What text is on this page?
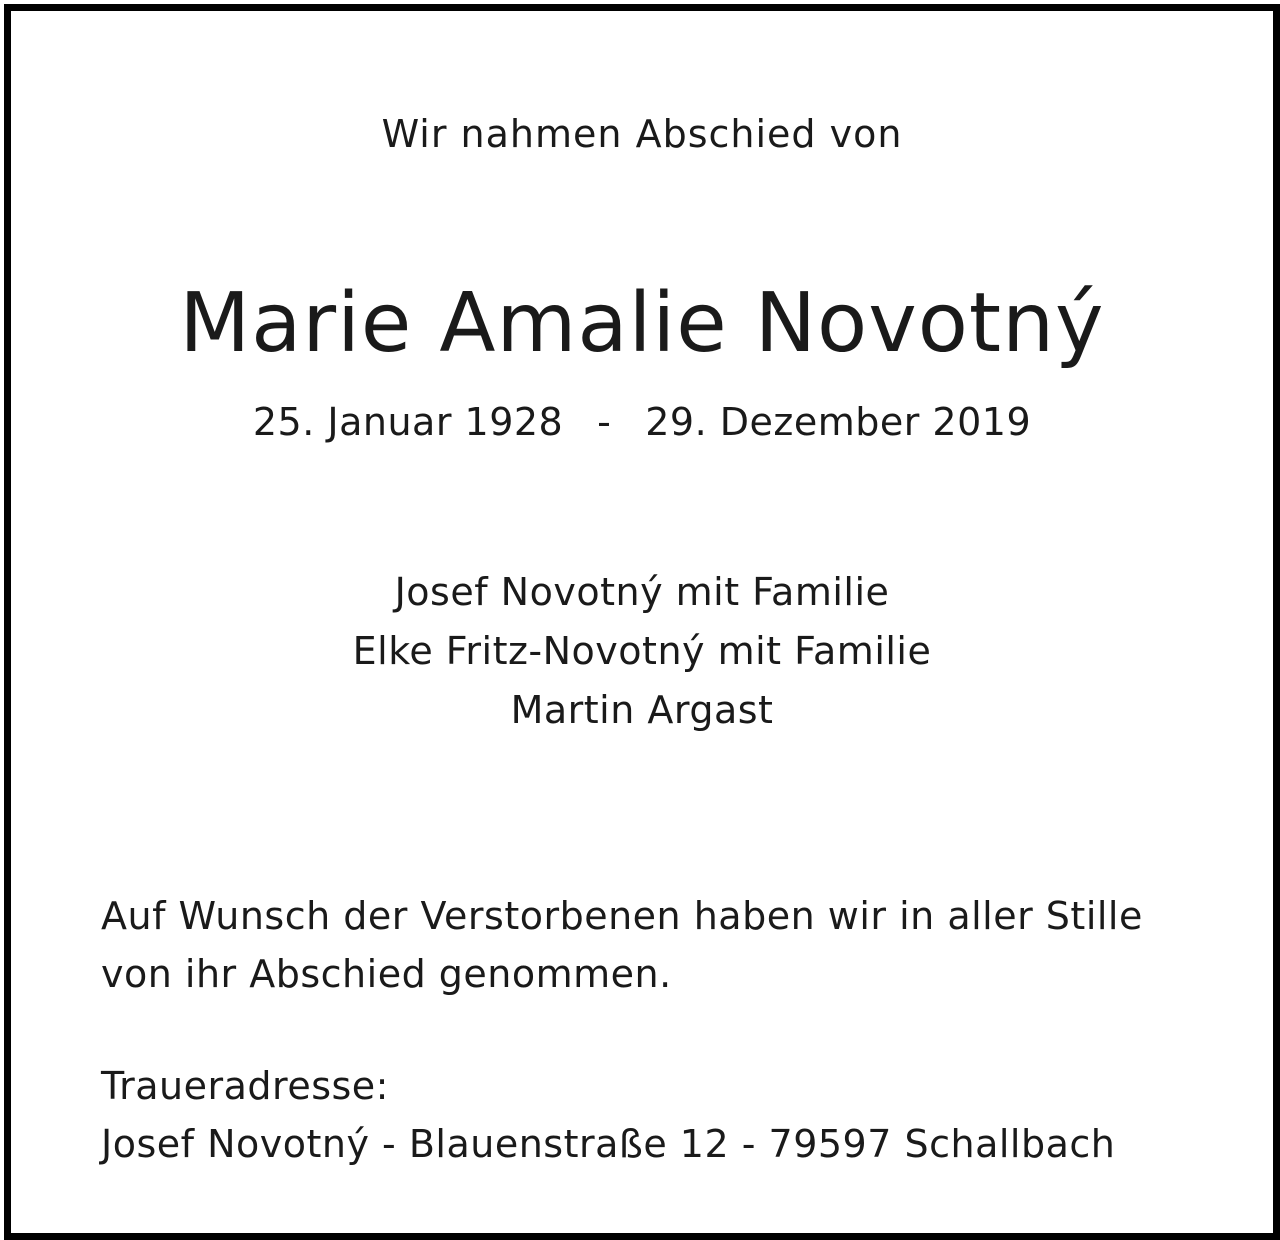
Wir nahmen Abschied von
Marie Amalie Novotný
25. Januar 1928 - 29. Dezember 2019
Josef Novotný mit Familie
Elke Fritz-Novotný mit Familie
Martin Argast
Auf Wunsch der Verstorbenen haben wir in aller Stille
von ihr Abschied genommen.
Traueradresse:
Josef Novotný - Blauenstraße 12 - 79597 Schallbach
